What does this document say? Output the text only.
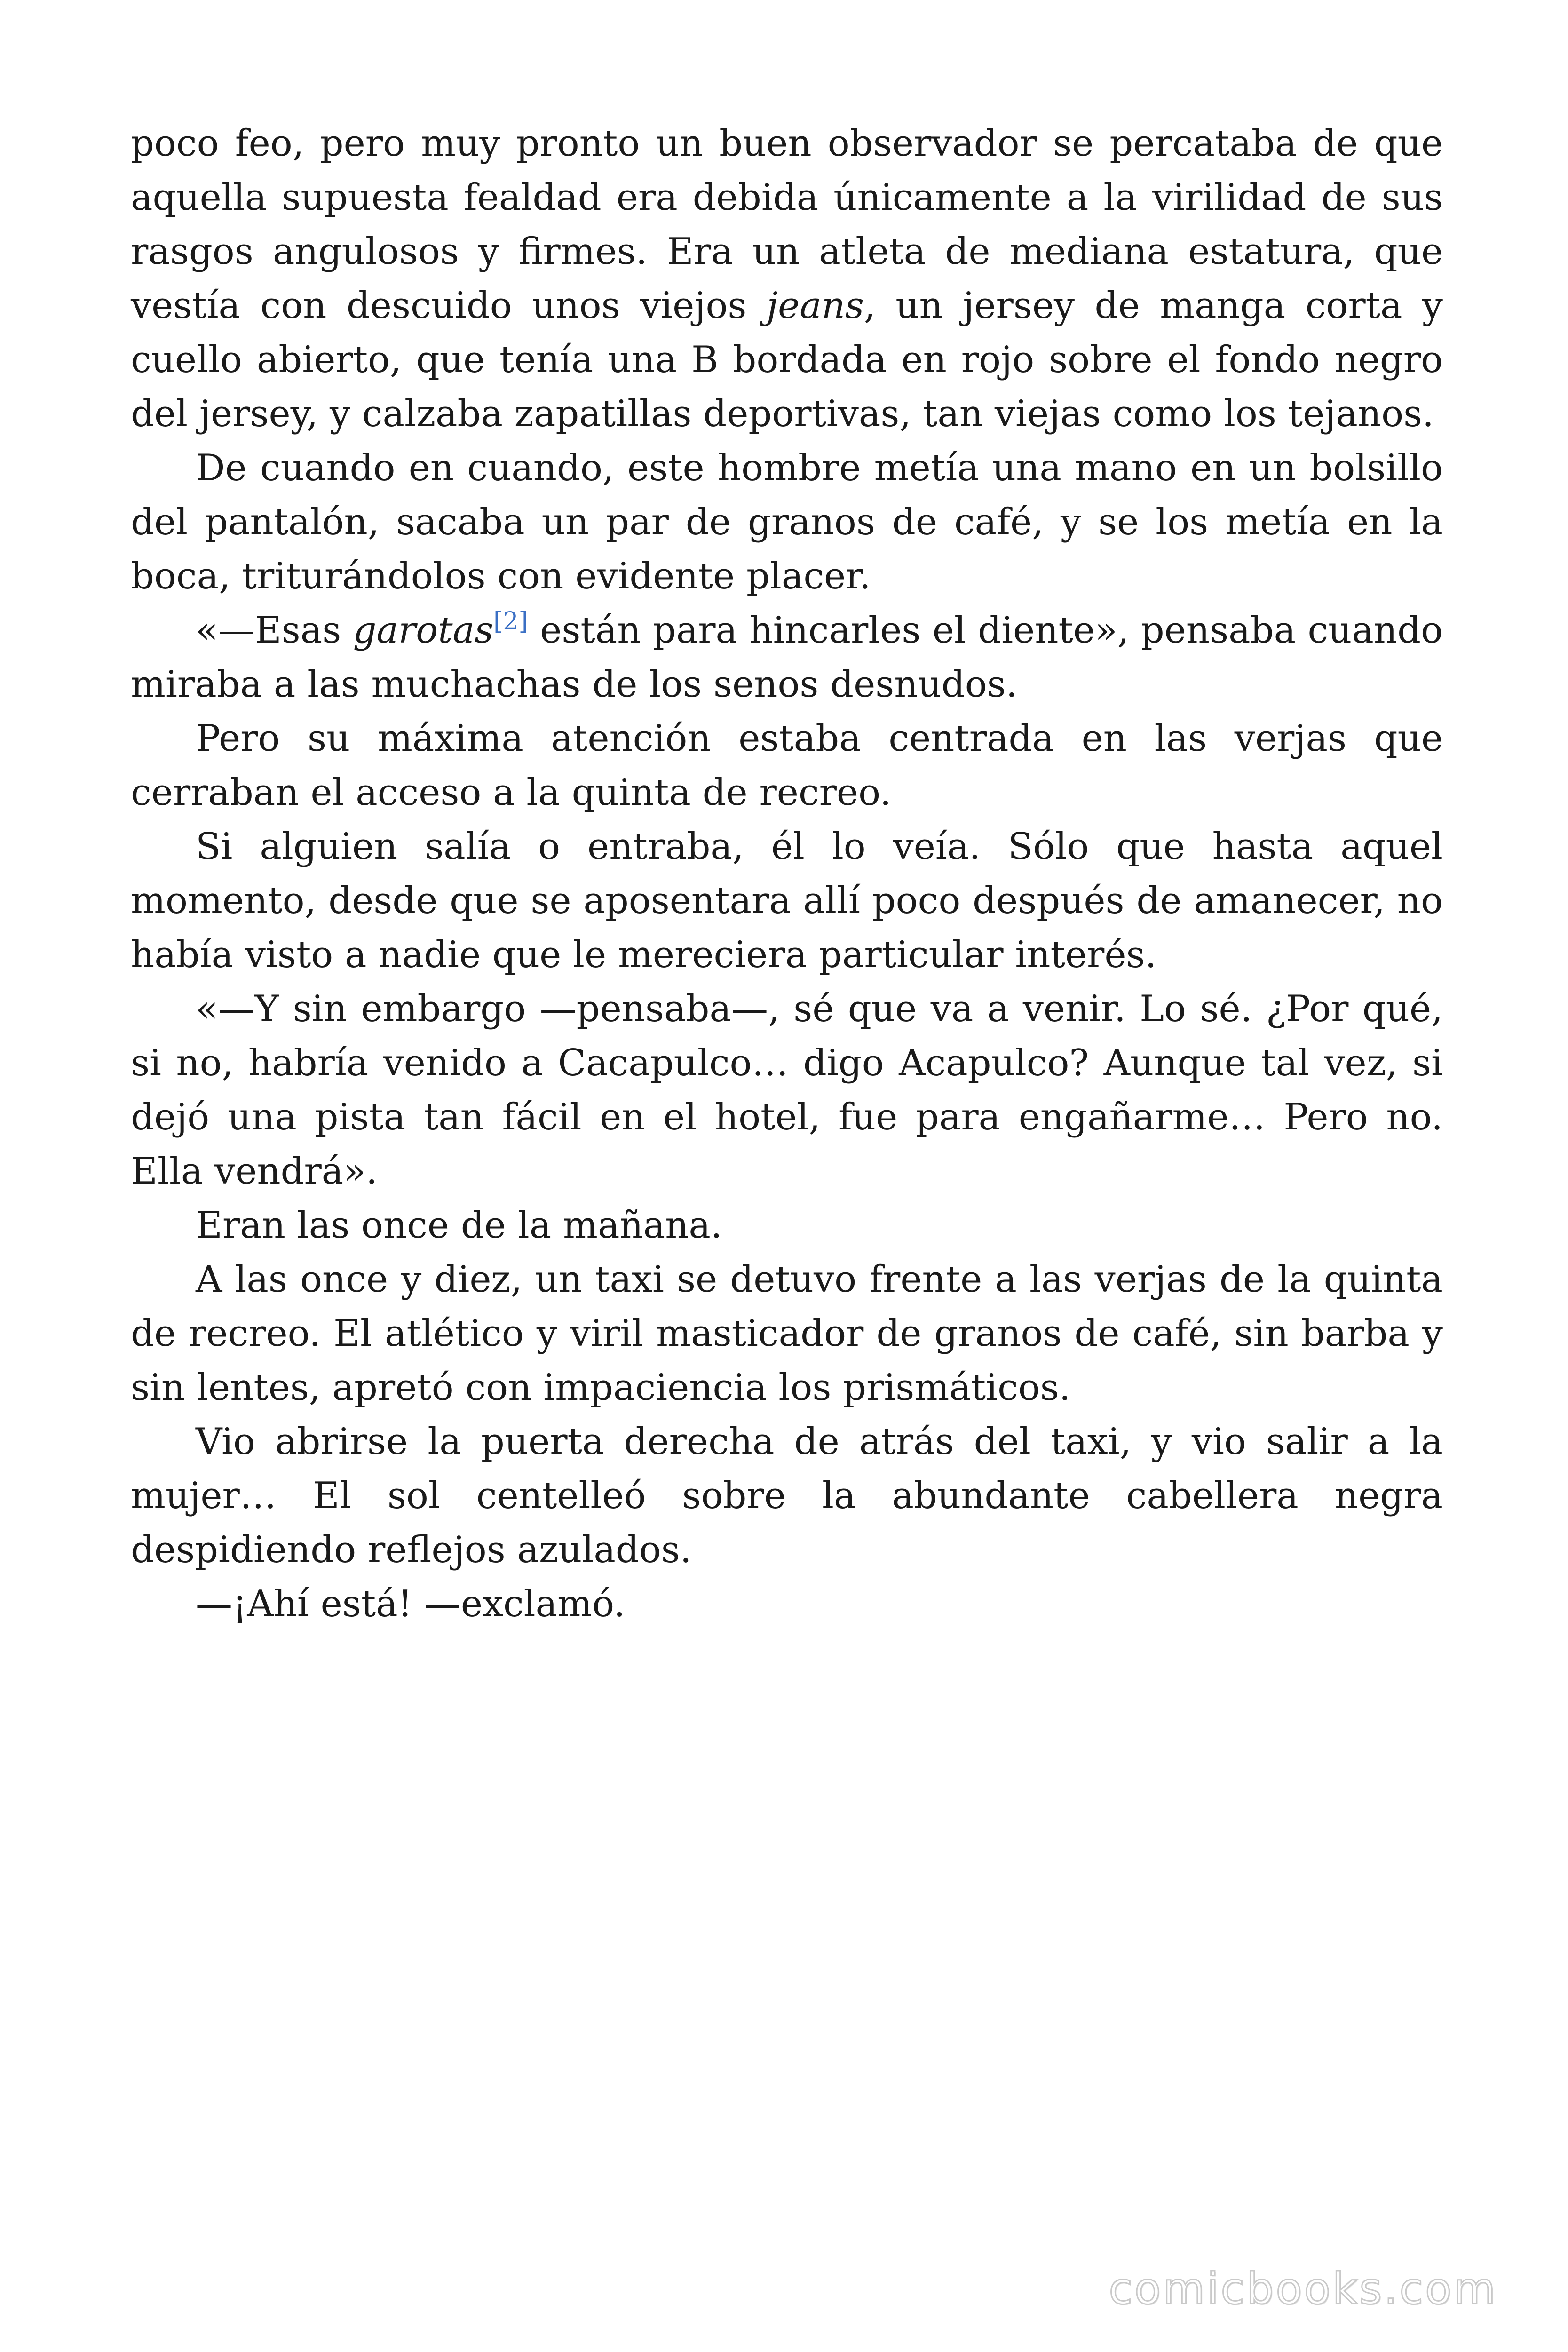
poco feo, pero muy pronto un buen observador se percataba de que aquella supuesta fealdad era debida únicamente a la virilidad de sus rasgos angulosos y firmes. Era un atleta de mediana estatura, que vestía con descuido unos viejos jeans, un jersey de manga corta y cuello abierto, que tenía una B bordada en rojo sobre el fondo negro del jersey, y calzaba zapatillas deportivas, tan viejas como los tejanos.

De cuando en cuando, este hombre metía una mano en un bolsillo del pantalón, sacaba un par de granos de café, y se los metía en la boca, triturándolos con evidente placer.

«—Esas garotas[2] están para hincarles el diente», pensaba cuando miraba a las muchachas de los senos desnudos.

Pero su máxima atención estaba centrada en las verjas que cerraban el acceso a la quinta de recreo.

Si alguien salía o entraba, él lo veía. Sólo que hasta aquel momento, desde que se aposentara allí poco después de amanecer, no había visto a nadie que le mereciera particular interés.

«—Y sin embargo —pensaba—, sé que va a venir. Lo sé. ¿Por qué, si no, habría venido a Cacapulco… digo Acapulco? Aunque tal vez, si dejó una pista tan fácil en el hotel, fue para engañarme… Pero no. Ella vendrá».

Eran las once de la mañana.

A las once y diez, un taxi se detuvo frente a las verjas de la quinta de recreo. El atlético y viril masticador de granos de café, sin barba y sin lentes, apretó con impaciencia los prismáticos.

Vio abrirse la puerta derecha de atrás del taxi, y vio salir a la mujer… El sol centelleó sobre la abundante cabellera negra despidiendo reflejos azulados.

—¡Ahí está! —exclamó.

comicbooks.com
